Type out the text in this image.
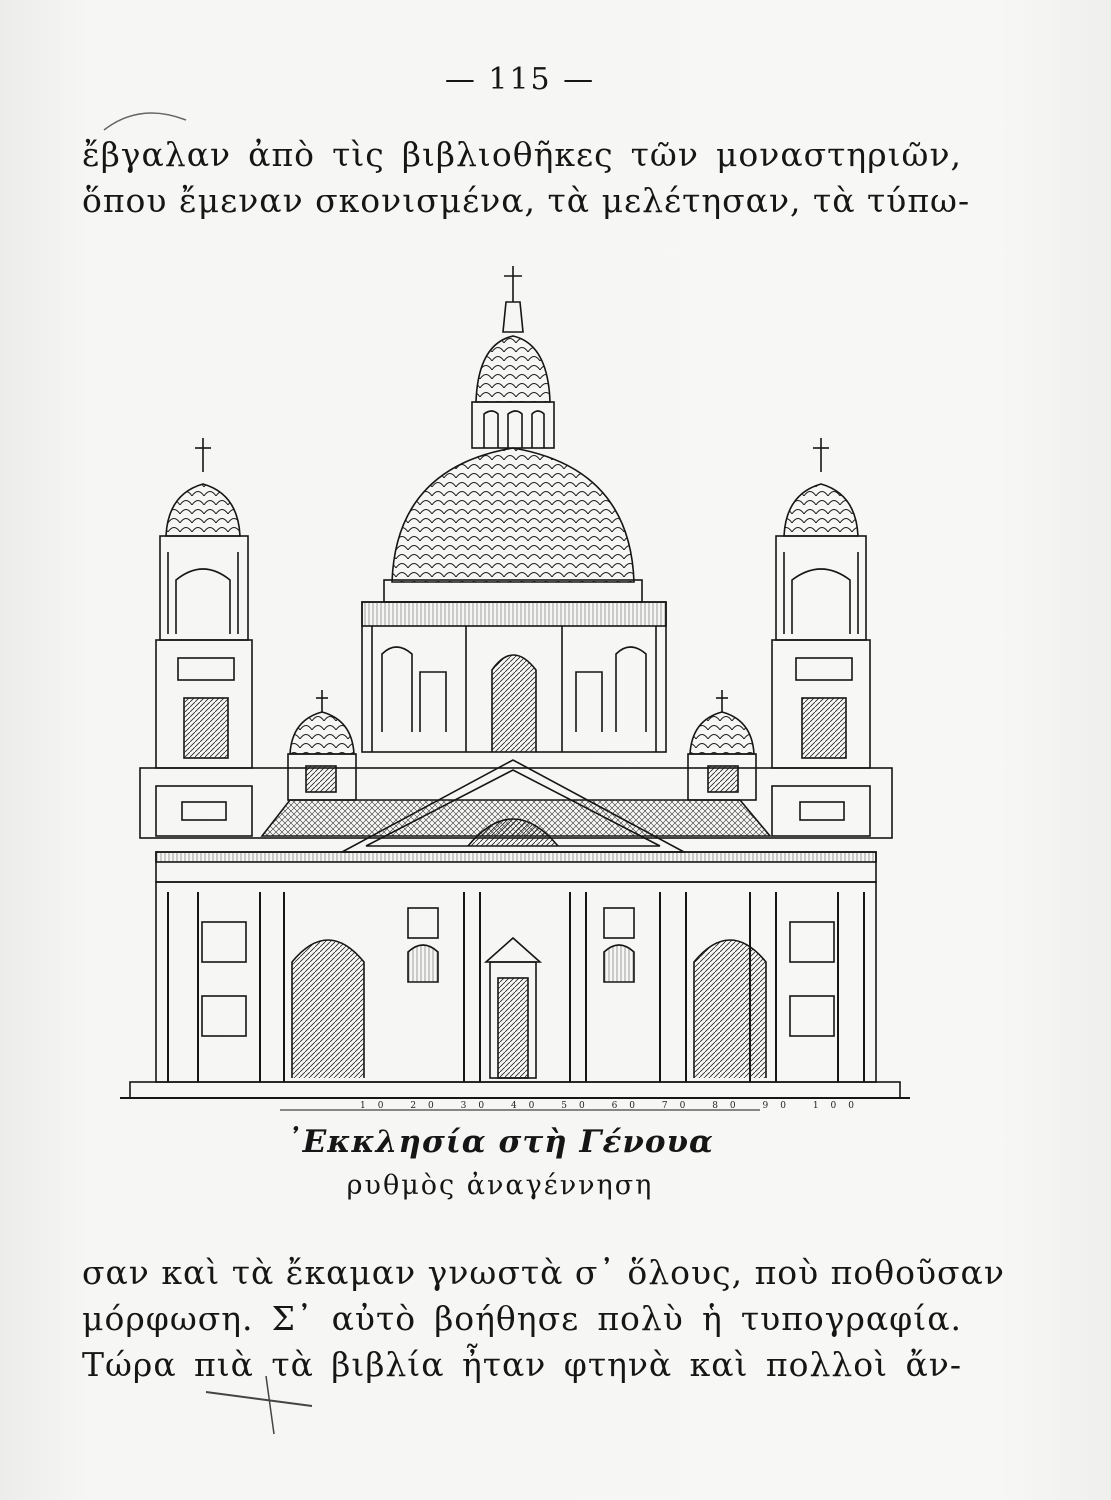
— 115 —
ἔβγαλαν ἀπὸ τὶς βιβλιοθῆκες τῶν μοναστηριῶν,
ὅπου ἔμεναν σκονισμένα, τὰ μελέτησαν, τὰ τύπω-
10 20 30 40 50 60 70 80 90 100
᾿Εκκλησία στὴ Γένουα
ρυθμὸς ἀναγέννηση
σαν καὶ τὰ ἔκαμαν γνωστὰ σ᾿ ὅλους, ποὺ ποθοῦσαν
μόρφωση. Σ᾿ αὐτὸ βοήθησε πολὺ ἡ τυπογραφία.
Τώρα πιὰ τὰ βιβλία ἦταν φτηνὰ καὶ πολλοὶ ἄν-
